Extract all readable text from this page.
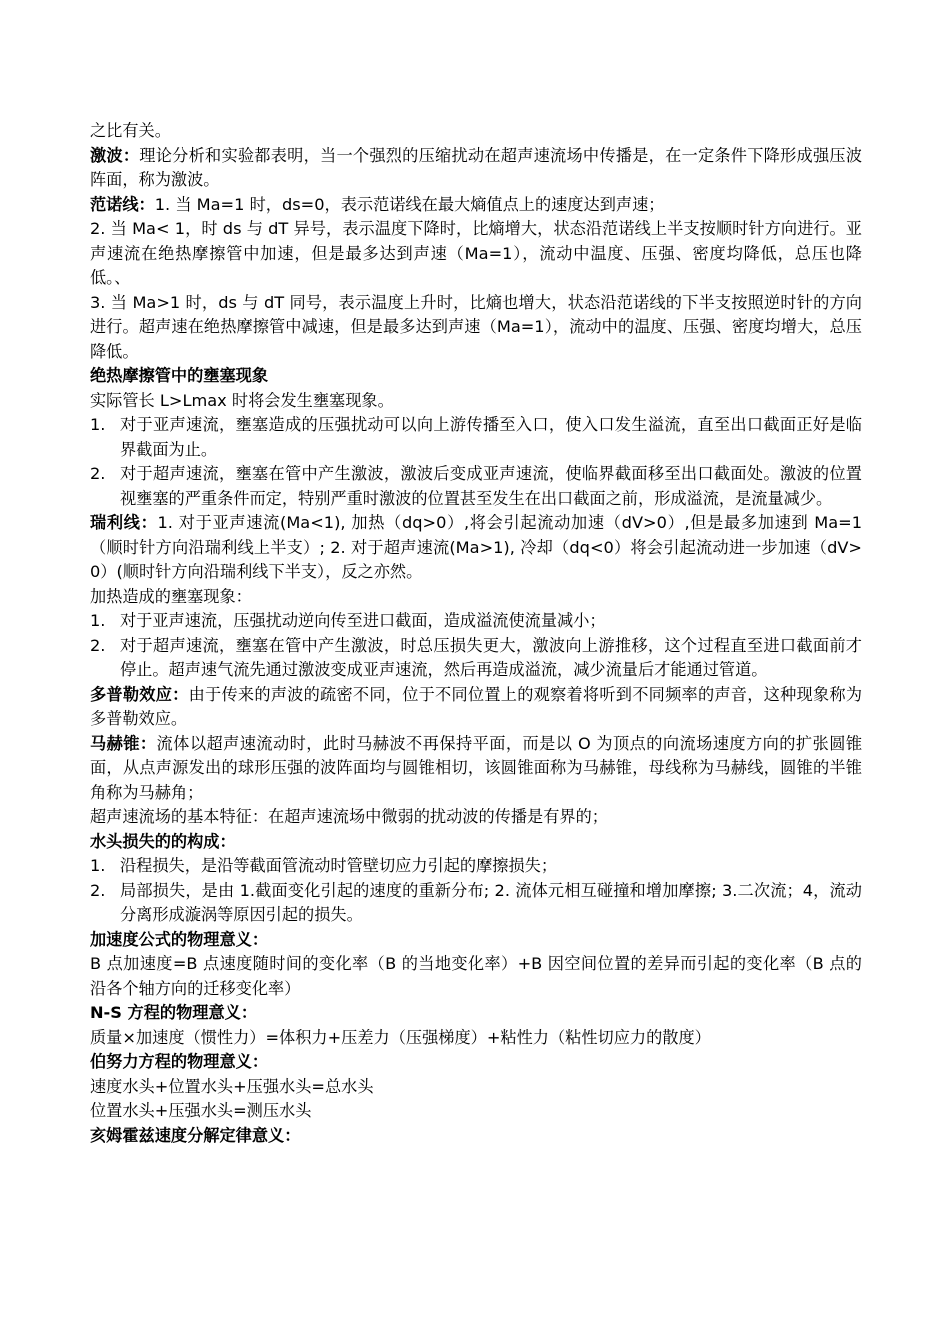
之比有关。

激波：理论分析和实验都表明，当一个强烈的压缩扰动在超声速流场中传播是，在一定条件下降形成强压波阵面，称为激波。

范诺线：1. 当 Ma=1 时，ds=0，表示范诺线在最大熵值点上的速度达到声速；

2. 当 Ma< 1，时 ds 与 dT 异号，表示温度下降时，比熵增大，状态沿范诺线上半支按顺时针方向进行。亚声速流在绝热摩擦管中加速，但是最多达到声速（Ma=1），流动中温度、压强、密度均降低，总压也降低。、

3. 当 Ma>1 时，ds 与 dT 同号，表示温度上升时，比熵也增大，状态沿范诺线的下半支按照逆时针的方向进行。超声速在绝热摩擦管中减速，但是最多达到声速（Ma=1），流动中的温度、压强、密度均增大，总压降低。

绝热摩擦管中的壅塞现象

实际管长 L>Lmax 时将会发生壅塞现象。

1. 对于亚声速流，壅塞造成的压强扰动可以向上游传播至入口，使入口发生溢流，直至出口截面正好是临界截面为止。
2. 对于超声速流，壅塞在管中产生激波，激波后变成亚声速流，使临界截面移至出口截面处。激波的位置视壅塞的严重条件而定，特别严重时激波的位置甚至发生在出口截面之前，形成溢流，是流量减少。

瑞利线：1. 对于亚声速流(Ma<1), 加热（dq>0）,将会引起流动加速（dV>0）,但是最多加速到 Ma=1（顺时针方向沿瑞利线上半支）; 2. 对于超声速流(Ma>1), 冷却（dq<0）将会引起流动进一步加速（dV>0）(顺时针方向沿瑞利线下半支），反之亦然。

加热造成的壅塞现象：

1. 对于亚声速流，压强扰动逆向传至进口截面，造成溢流使流量减小；
2. 对于超声速流，壅塞在管中产生激波，时总压损失更大，激波向上游推移，这个过程直至进口截面前才停止。超声速气流先通过激波变成亚声速流，然后再造成溢流，减少流量后才能通过管道。

多普勒效应：由于传来的声波的疏密不同，位于不同位置上的观察着将听到不同频率的声音，这种现象称为多普勒效应。

马赫锥：流体以超声速流动时，此时马赫波不再保持平面，而是以 O 为顶点的向流场速度方向的扩张圆锥面，从点声源发出的球形压强的波阵面均与圆锥相切，该圆锥面称为马赫锥，母线称为马赫线，圆锥的半锥角称为马赫角；

超声速流场的基本特征：在超声速流场中微弱的扰动波的传播是有界的；

水头损失的的构成：

1. 沿程损失，是沿等截面管流动时管壁切应力引起的摩擦损失；
2. 局部损失，是由 1.截面变化引起的速度的重新分布; 2. 流体元相互碰撞和增加摩擦; 3.二次流；4，流动分离形成漩涡等原因引起的损失。

加速度公式的物理意义：

B 点加速度=B 点速度随时间的变化率（B 的当地变化率）+B 因空间位置的差异而引起的变化率（B 点的沿各个轴方向的迁移变化率）

N-S 方程的物理意义：

质量×加速度（惯性力）=体积力+压差力（压强梯度）+粘性力（粘性切应力的散度）

伯努力方程的物理意义：

速度水头+位置水头+压强水头=总水头

位置水头+压强水头=测压水头

亥姆霍兹速度分解定律意义：
